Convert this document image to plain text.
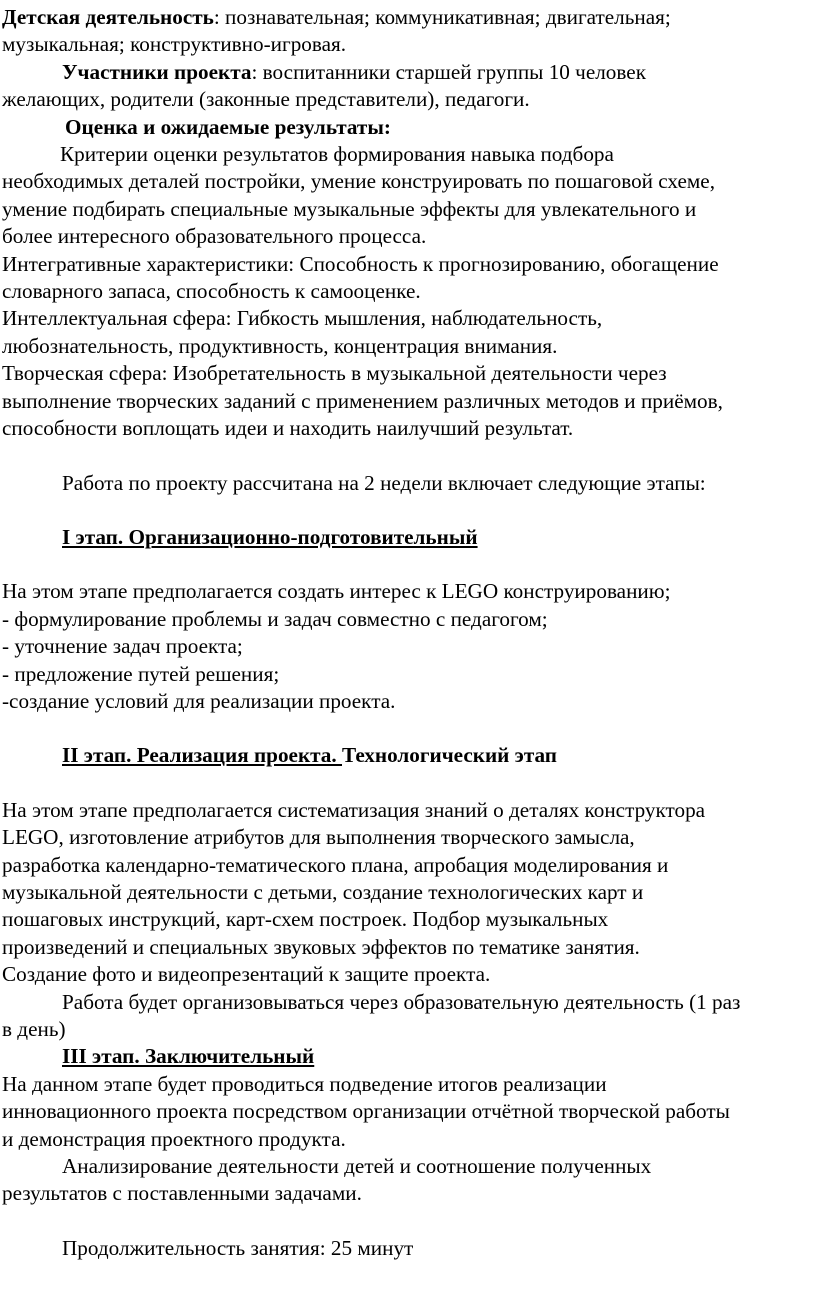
Детская деятельность: познавательная; коммуникативная; двигательная;

музыкальная; конструктивно-игровая.

Участники проекта: воспитанники старшей группы 10 человек

желающих, родители (законные представители), педагоги.

Оценка и ожидаемые результаты:

Критерии оценки результатов формирования навыка подбора

необходимых деталей постройки, умение конструировать по пошаговой схеме,

умение подбирать специальные музыкальные эффекты для увлекательного и

более интересного образовательного процесса.

Интегративные характеристики: Способность к прогнозированию, обогащение

словарного запаса, способность к самооценке.

Интеллектуальная сфера: Гибкость мышления, наблюдательность,

любознательность, продуктивность, концентрация внимания.

Творческая сфера: Изобретательность в музыкальной деятельности через

выполнение творческих заданий с применением различных методов и приёмов,

способности воплощать идеи и находить наилучший результат.

Работа по проекту рассчитана на 2 недели включает следующие этапы:

I этап. Организационно-подготовительный

На этом этапе предполагается создать интерес к LEGO конструированию;

- формулирование проблемы и задач совместно с педагогом;

- уточнение задач проекта;

- предложение путей решения;

-создание условий для реализации проекта.

II этап. Реализация проекта. Технологический этап

На этом этапе предполагается систематизация знаний о деталях конструктора

LEGO, изготовление атрибутов для выполнения творческого замысла,

разработка календарно-тематического плана, апробация моделирования и

музыкальной деятельности с детьми, создание технологических карт и

пошаговых инструкций, карт-схем построек. Подбор музыкальных

произведений и специальных звуковых эффектов по тематике занятия.

Создание фото и видеопрезентаций к защите проекта.

Работа будет организовываться через образовательную деятельность (1 раз

в день)

III этап. Заключительный

На данном этапе будет проводиться подведение итогов реализации

инновационного проекта посредством организации отчётной творческой работы

и демонстрация проектного продукта.

Анализирование деятельности детей и соотношение полученных

результатов с поставленными задачами.

Продолжительность занятия: 25 минут
